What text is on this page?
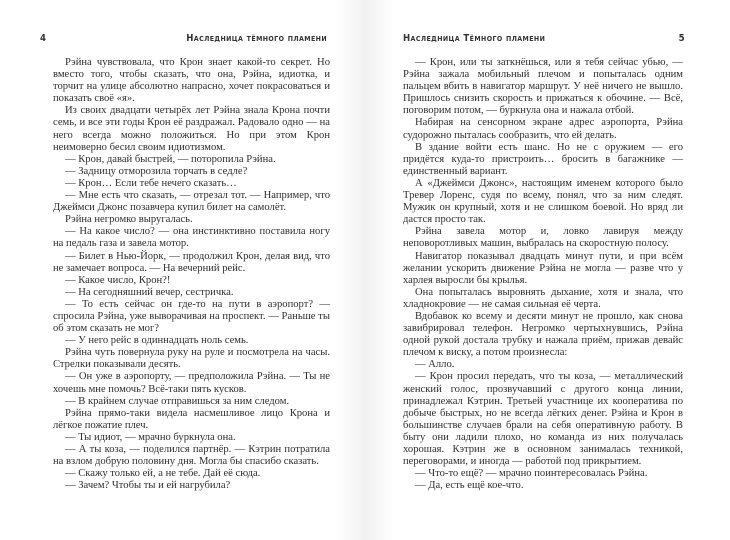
4	Наследница тёмного пламени

Рэйна чувствовала, что Крон знает какой-то секрет. Но вместо того, чтобы сказать, что она, Рэйна, идиотка, и торчит на улице абсолютно напрасно, хочет покрасоваться и показать своё «я».

Из своих двадцати четырёх лет Рэйна знала Крона почти семь, и все эти годы Крон её раздражал. Радовало одно — на него всегда можно положиться. Но при этом Крон неимоверно бесил своим идиотизмом.

— Крон, давай быстрей, — поторопила Рэйна.

— Задницу отморозила торчать в седле?

— Крон… Если тебе нечего сказать…

— Мне есть что сказать, — отрезал тот. — Например, что Джеймси Джонс позавчера купил билет на самолёт.

Рэйна негромко выругалась.

— На какое число? — она инстинктивно поставила ногу на педаль газа и завела мотор.

— Билет в Нью-Йорк, — продолжил Крон, делая вид, что не замечает вопроса. — На вечерний рейс.

— Какое число, Крон?!

— На сегодняшний вечер, сестричка.

— То есть сейчас он где-то на пути в аэропорт? — спросила Рэйна, уже выворачивая на проспект. — Раньше ты об этом сказать не мог?

— У него рейс в одиннадцать ноль семь.

Рэйна чуть повернула руку на руле и посмотрела на часы. Стрелки показывали десять.

— Он уже в аэропорту, — предположила Рэйна. — Ты не хочешь мне помочь? Всё-таки пять кусков.

— В крайнем случае отправишься за ним следом.

Рэйна прямо-таки видела насмешливое лицо Крона и лёгкое пожатие плеч.

— Ты идиот, — мрачно буркнула она.

— А ты коза, — поделился партнёр. — Кэтрин потратила на взлом добрую половину дня. Могла бы спасибо сказать.

— Скажу только ей, а не тебе. Дай её сюда.

— Зачем? Чтобы ты и ей нагрубила?

Наследница Тёмного пламени	5

— Крон, или ты заткнёшься, или я тебя сейчас убью, — Рэйна зажала мобильный плечом и попыталась одним пальцем вбить в навигатор маршрут. У неё ничего не вышло. Пришлось снизить скорость и прижаться к обочине. — Всё, поговорим потом, — буркнула она и нажала отбой.

Набирая на сенсорном экране адрес аэропорта, Рэйна судорожно пыталась сообразить, что ей делать.

В здание войти есть шанс. Но не с оружием — его придётся куда-то пристроить… бросить в багажнике — единственный вариант.

А «Джеймси Джонс», настоящим именем которого было Тревер Лоренс, судя по всему, понял, что за ним следят. Мужик он крупный, хотя и не слишком боевой. Но вряд ли дастся просто так.

Рэйна завела мотор и, ловко лавируя между неповоротливых машин, выбралась на скоростную полосу.

Навигатор показывал двадцать минут пути, и при всём желании ускорить движение Рэйна не могла — разве что у харлея выросли бы крылья.

Она попыталась выровнять дыхание, хотя и знала, что хладнокровие — не самая сильная её черта.

Вдобавок ко всему и десяти минут не прошло, как снова завибрировал телефон. Негромко чертыхнувшись, Рэйна одной рукой достала трубку и нажала приём, прижав девайс плечом к виску, а потом произнесла:

— Алло.

— Крон просил передать, что ты коза, — металлический женский голос, прозвучавший с другого конца линии, принадлежал Кэтрин. Третьей участнице их кооператива по добыче быстрых, но не всегда лёгких денег. Рэйна и Крон в большинстве случаев брали на себя оперативную работу. В быту они ладили плохо, но команда из них получалась хорошая. Кэтрин же в основном занималась техникой, переговорами, и иногда — работой под прикрытием.

— Что-то ещё? — мрачно поинтересовалась Рэйна.

— Да, есть ещё кое-что.
